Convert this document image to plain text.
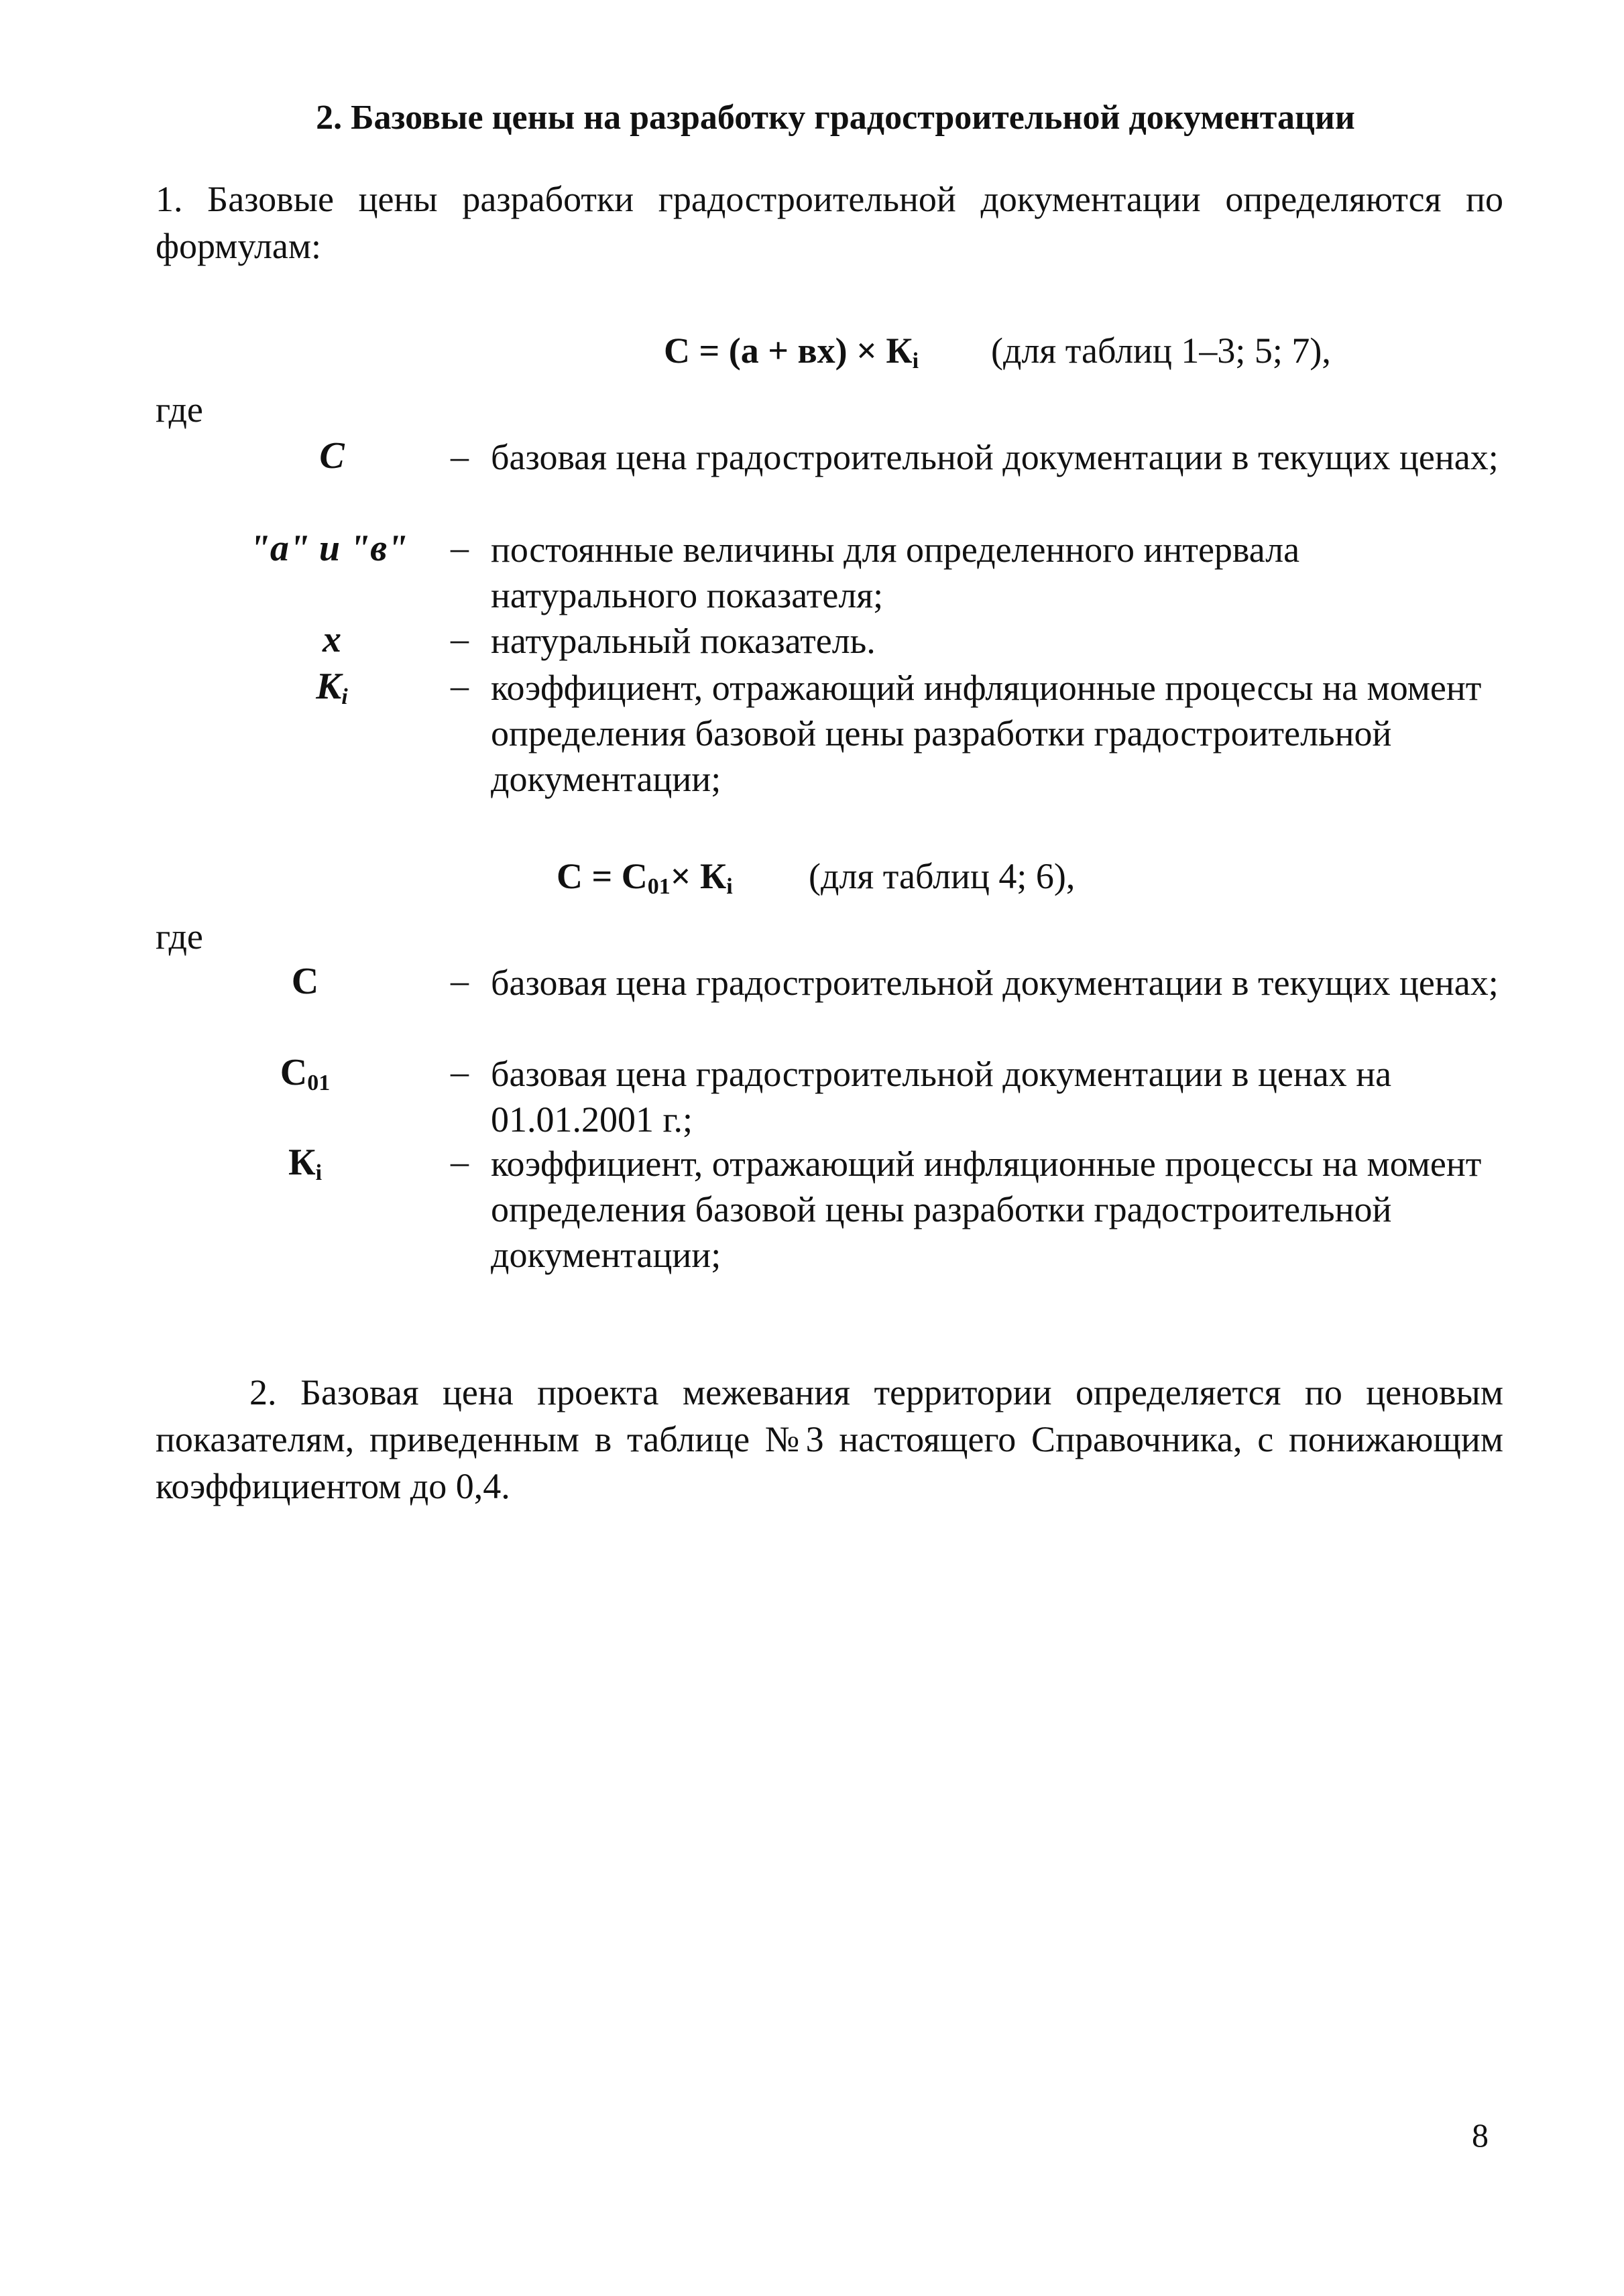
2. Базовые цены на разработку градостроительной документации
1. Базовые цены разработки градостроительной документации определяются по формулам:
$С = (а + вх) \times К_i$ (для таблиц 1–3; 5; 7),
где
С	– базовая цена градостроительной документации в текущих ценах;
"а" и "в"	– постоянные величины для определенного интервала натурального показателя;
х	– натуральный показатель.
$К_i$	– коэффициент, отражающий инфляционные процессы на момент определения базовой цены разработки градостроительной документации;
$С = С_{01}\times К_i$ (для таблиц 4; 6),
где
С	– базовая цена градостроительной документации в текущих ценах;
$С_{01}$	– базовая цена градостроительной документации в ценах на 01.01.2001 г.;
$К_i$	– коэффициент, отражающий инфляционные процессы на момент определения базовой цены разработки градостроительной документации;
2. Базовая цена проекта межевания территории определяется по ценовым показателям, приведенным в таблице №3 настоящего Справочника, с понижающим коэффициентом до 0,4.
8
